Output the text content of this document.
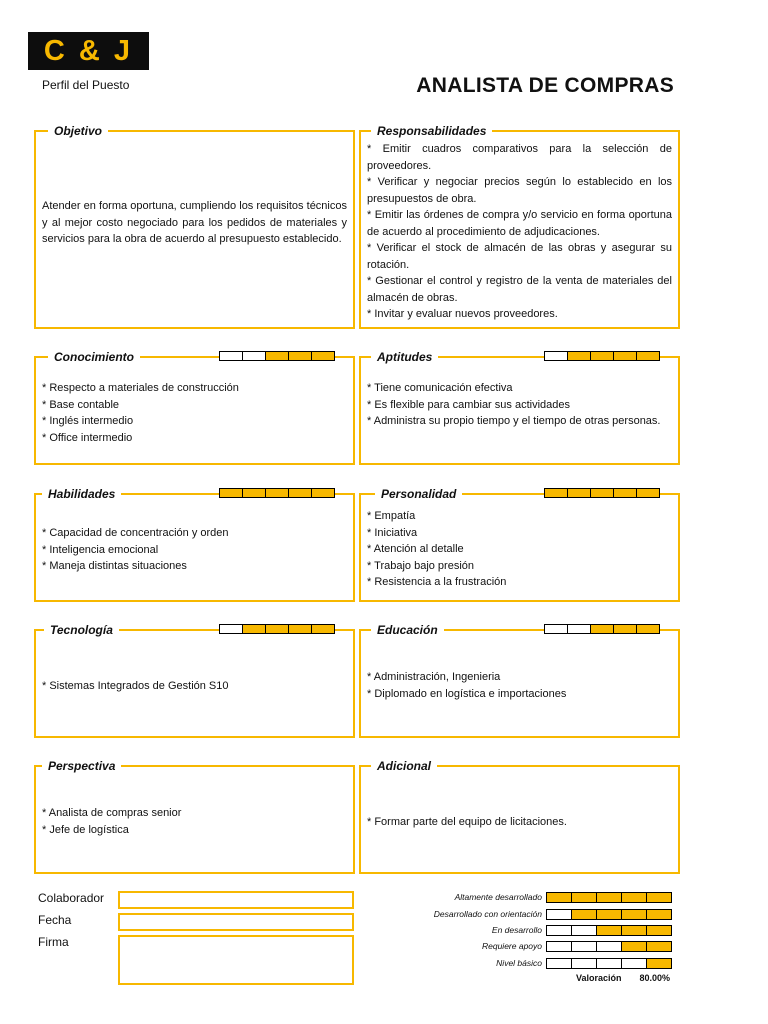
C & J
Perfil del Puesto	ANALISTA DE COMPRAS
Objetivo
Atender en forma oportuna, cumpliendo los requisitos técnicos y al mejor costo negociado para los pedidos de materiales y servicios para la obra de acuerdo al presupuesto establecido.
Responsabilidades
* Emitir cuadros comparativos para la selección de proveedores.
* Verificar y negociar precios según lo establecido en los presupuestos de obra.
* Emitir las órdenes de compra y/o servicio en forma oportuna de acuerdo al procedimiento de adjudicaciones.
* Verificar el stock de almacén de las obras y asegurar su rotación.
* Gestionar el control y registro de la venta de materiales del almacén de obras.
* Invitar y evaluar nuevos proveedores.
Conocimiento
* Respecto a materiales de construcción
* Base contable
* Inglés intermedio
* Office intermedio
Aptitudes
* Tiene comunicación efectiva
* Es flexible para cambiar sus actividades
* Administra su propio tiempo y el tiempo de otras personas.
Habilidades
* Capacidad de concentración y orden
* Inteligencia emocional
* Maneja distintas situaciones
Personalidad
* Empatía
* Iniciativa
* Atención al detalle
* Trabajo bajo presión
* Resistencia a la frustración
Tecnología
* Sistemas Integrados de Gestión S10
Educación
* Administración, Ingenieria
* Diplomado en logística e importaciones
Perspectiva
* Analista de compras senior
* Jefe de logística
Adicional
* Formar parte del equipo de licitaciones.
Colaborador
Fecha
Firma
Altamente desarrollado
Desarrollado con orientación
En desarrollo
Requiere apoyo
Nivel básico
Valoración 80.00%
